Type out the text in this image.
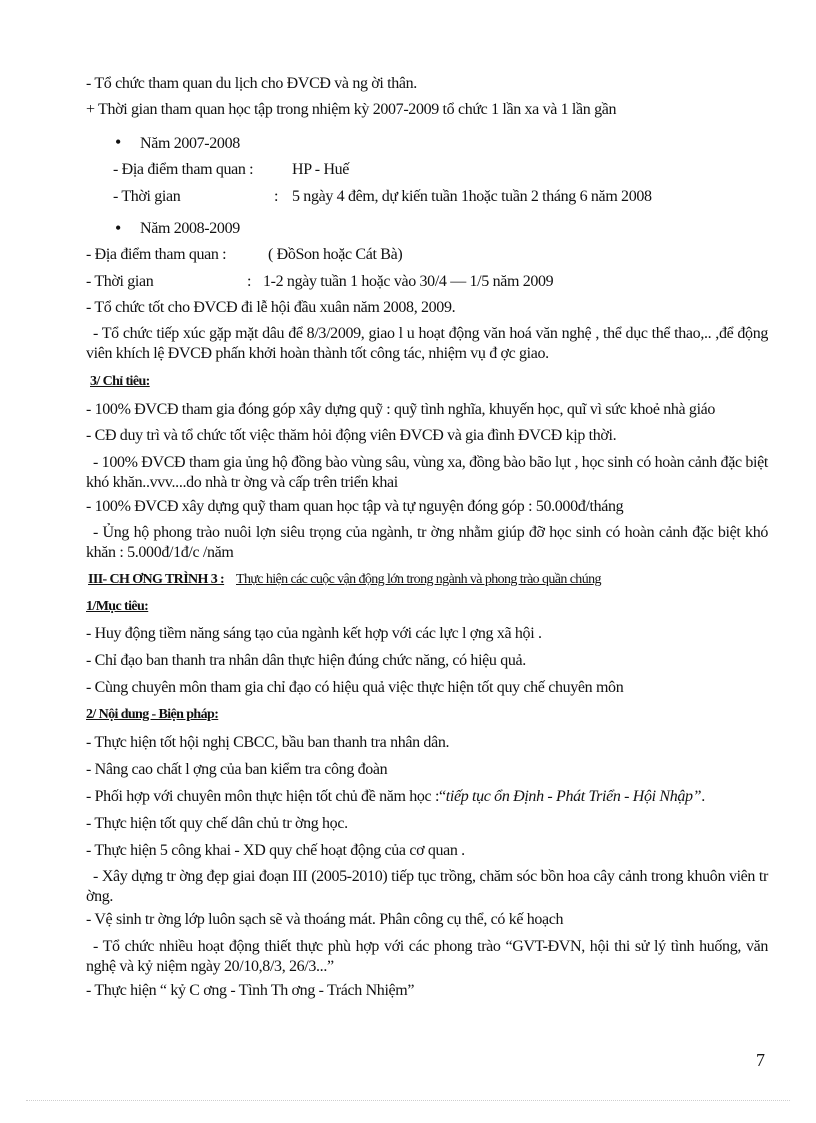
- Tổ chức tham quan du lịch cho ĐVCĐ và ng ời thân.
+ Thời gian tham quan học tập trong nhiệm kỳ 2007-2009 tổ chức 1 lần xa và 1 lần gần
• Năm 2007-2008
- Địa điểm tham quan : HP - Huế
- Thời gian	: 5 ngày 4 đêm, dự kiến tuần 1hoặc tuần 2 tháng 6 năm 2008
• Năm 2008-2009
- Địa điểm tham quan :	( ĐồSon hoặc Cát Bà)
- Thời gian	: 1-2 ngày tuần 1 hoặc vào 30/4 — 1/5 năm 2009
- Tổ chức tốt cho ĐVCĐ đi lễ hội đầu xuân năm 2008, 2009.
- Tổ chức tiếp xúc gặp mặt dâu để 8/3/2009, giao l u hoạt động văn hoá văn nghệ , thể dục thể thao,.. ,để động viên khích lệ ĐVCĐ phấn khởi hoàn thành tốt công tác, nhiệm vụ đ ợc giao.
3/ Chỉ tiêu:
- 100% ĐVCĐ tham gia đóng góp xây dựng quỹ : quỹ tình nghĩa, khuyến học, quĩ vì sức khoẻ nhà giáo
- CĐ duy trì và tổ chức tốt việc thăm hỏi động viên ĐVCĐ và gia đình ĐVCĐ kịp thời.
- 100% ĐVCĐ tham gia ủng hộ đồng bào vùng sâu, vùng xa, đồng bào bão lụt , học sinh có hoàn cảnh đặc biệt khó khăn..vvv....do nhà tr ờng và cấp trên triển khai
- 100% ĐVCĐ xây dựng quỹ tham quan học tập và tự nguyện đóng góp : 50.000đ/tháng
- Ủng hộ phong trào nuôi lợn siêu trọng của ngành, tr ờng nhằm giúp đỡ học sinh có hoàn cảnh đặc biệt khó khăn : 5.000đ/1đ/c /năm
III- CH ƠNG TRÌNH 3 : Thực hiện các cuộc vận động lớn trong ngành và phong trào quần chúng
1/Mục tiêu:
- Huy động tiềm năng sáng tạo của ngành kết hợp với các lực l ợng xã hội .
- Chỉ đạo ban thanh tra nhân dân thực hiện đúng chức năng, có hiệu quả.
- Cùng chuyên môn tham gia chỉ đạo có hiệu quả việc thực hiện tốt quy chế chuyên môn
2/ Nội dung - Biện pháp:
- Thực hiện tốt hội nghị CBCC, bầu ban thanh tra nhân dân.
- Nâng cao chất l ợng của ban kiểm tra công đoàn
- Phối hợp với chuyên môn thực hiện tốt chủ đề năm học :“tiếp tục ổn Định - Phát Triển - Hội Nhập”.
- Thực hiện tốt quy chế dân chủ tr ờng học.
- Thực hiện 5 công khai - XD quy chế hoạt động của cơ quan .
- Xây dựng tr ờng đẹp giai đoạn III (2005-2010) tiếp tục trồng, chăm sóc bồn hoa cây cảnh trong khuôn viên tr ờng.
- Vệ sinh tr ờng lớp luôn sạch sẽ và thoáng mát. Phân công cụ thể, có kế hoạch
- Tổ chức nhiều hoạt động thiết thực phù hợp với các phong trào “GVT-ĐVN, hội thi sử lý tình huống, văn nghệ và kỷ niệm ngày 20/10,8/3, 26/3...”
- Thực hiện “ kỷ C ơng - Tình Th ơng - Trách Nhiệm”
7
